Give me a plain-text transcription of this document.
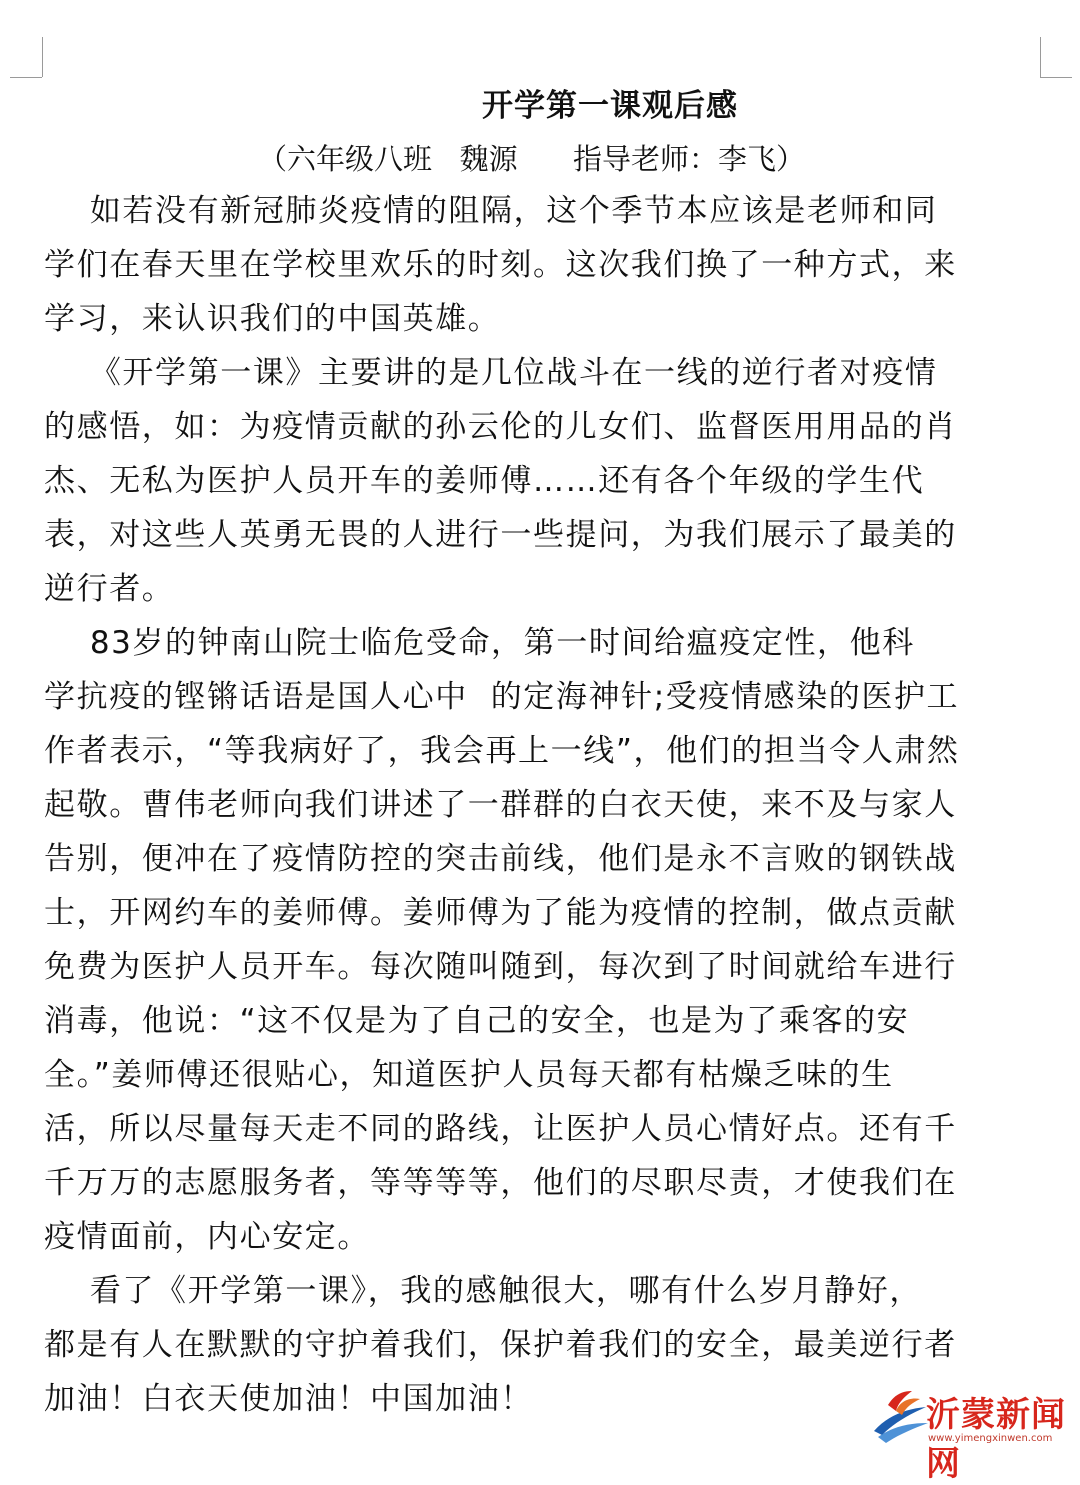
开学第一课观后感
（六年级八班   魏源      指导老师：李飞）
如若没有新冠肺炎疫情的阻隔，这个季节本应该是老师和同
学们在春天里在学校里欢乐的时刻。这次我们换了一种方式，来
学习，来认识我们的中国英雄。
《开学第一课》主要讲的是几位战斗在一线的逆行者对疫情
的感悟，如：为疫情贡献的孙云伦的儿女们、监督医用用品的肖
杰、无私为医护人员开车的姜师傅……还有各个年级的学生代
表，对这些人英勇无畏的人进行一些提问，为我们展示了最美的
逆行者。
83岁的钟南山院士临危受命，第一时间给瘟疫定性，他科
学抗疫的铿锵话语是国人心中  的定海神针;受疫情感染的医护工
作者表示，“等我病好了，我会再上一线”，他们的担当令人肃然
起敬。曹伟老师向我们讲述了一群群的白衣天使，来不及与家人
告别，便冲在了疫情防控的突击前线，他们是永不言败的钢铁战
士，开网约车的姜师傅。姜师傅为了能为疫情的控制，做点贡献
免费为医护人员开车。每次随叫随到，每次到了时间就给车进行
消毒，他说：“这不仅是为了自己的安全，也是为了乘客的安
全。”姜师傅还很贴心，知道医护人员每天都有枯燥乏味的生
活，所以尽量每天走不同的路线，让医护人员心情好点。还有千
千万万的志愿服务者，等等等等，他们的尽职尽责，才使我们在
疫情面前，内心安定。
看了《开学第一课》，我的感触很大，哪有什么岁月静好，
都是有人在默默的守护着我们，保护着我们的安全，最美逆行者
加油！白衣天使加油！中国加油！	沂蒙新闻网
www.yimengxinwen.com
